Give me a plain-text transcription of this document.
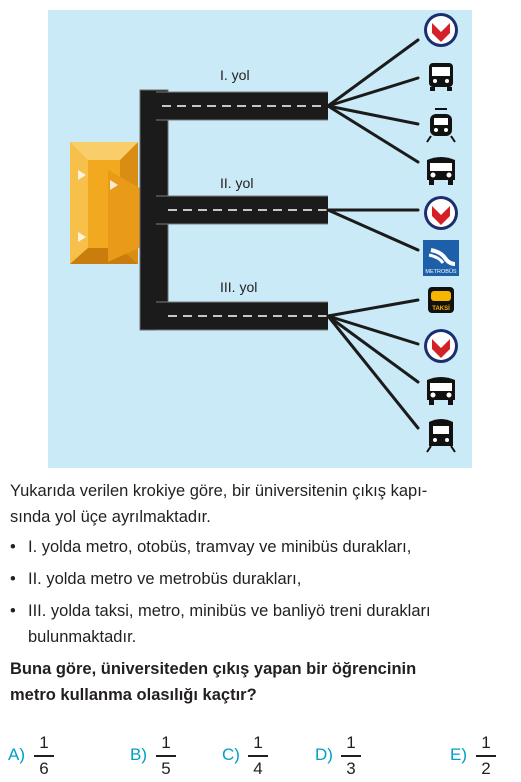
I. yol
II. yol
III. yol
METROBÜS
TAKSİ

Yukarıda verilen krokiye göre, bir üniversitenin çıkış kapı-

sında yol üçe ayrılmaktadır.

• I. yolda metro, otobüs, tramvay ve minibüs durakları,
• II. yolda metro ve metrobüs durakları,
• III. yolda taksi, metro, minibüs ve banliyö treni durakları
bulunmaktadır.

Buna göre, üniversiteden çıkış yapan bir öğrencinin

metro kullanma olasılığı kaçtır?

A)
1
6
B)
1
5
C)
1
4
D)
1
3
E)
1
2
